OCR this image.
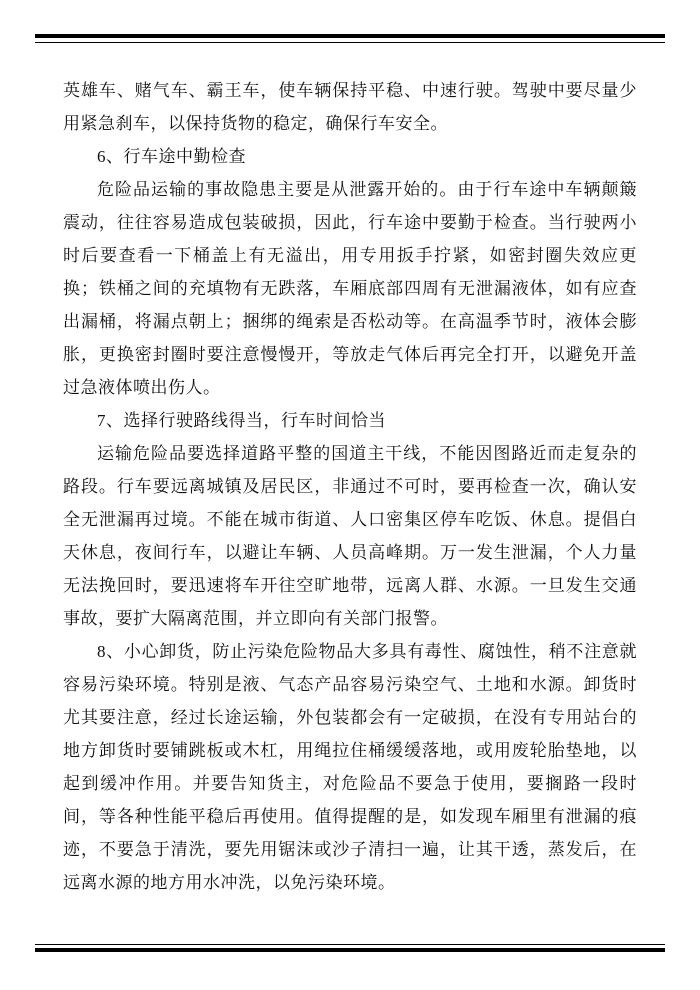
英雄车、赌气车、霸王车，使车辆保持平稳、中速行驶。驾驶中要尽量少用紧急刹车，以保持货物的稳定，确保行车安全。

6、行车途中勤检查

危险品运输的事故隐患主要是从泄露开始的。由于行车途中车辆颠簸震动，往往容易造成包装破损，因此，行车途中要勤于检查。当行驶两小时后要查看一下桶盖上有无溢出，用专用扳手拧紧，如密封圈失效应更换；铁桶之间的充填物有无跌落，车厢底部四周有无泄漏液体，如有应查出漏桶，将漏点朝上；捆绑的绳索是否松动等。在高温季节时，液体会膨胀，更换密封圈时要注意慢慢开，等放走气体后再完全打开，以避免开盖过急液体喷出伤人。

7、选择行驶路线得当，行车时间恰当

运输危险品要选择道路平整的国道主干线，不能因图路近而走复杂的路段。行车要远离城镇及居民区，非通过不可时，要再检查一次，确认安全无泄漏再过境。不能在城市街道、人口密集区停车吃饭、休息。提倡白天休息，夜间行车，以避让车辆、人员高峰期。万一发生泄漏，个人力量无法挽回时，要迅速将车开往空旷地带，远离人群、水源。一旦发生交通事故，要扩大隔离范围，并立即向有关部门报警。

8、小心卸货，防止污染危险物品大多具有毒性、腐蚀性，稍不注意就容易污染环境。特别是液、气态产品容易污染空气、土地和水源。卸货时尤其要注意，经过长途运输，外包装都会有一定破损，在没有专用站台的地方卸货时要铺跳板或木杠，用绳拉住桶缓缓落地，或用废轮胎垫地，以起到缓冲作用。并要告知货主，对危险品不要急于使用，要搁路一段时间，等各种性能平稳后再使用。值得提醒的是，如发现车厢里有泄漏的痕迹，不要急于清洗，要先用锯沫或沙子清扫一遍，让其干透，蒸发后，在远离水源的地方用水冲洗，以免污染环境。
